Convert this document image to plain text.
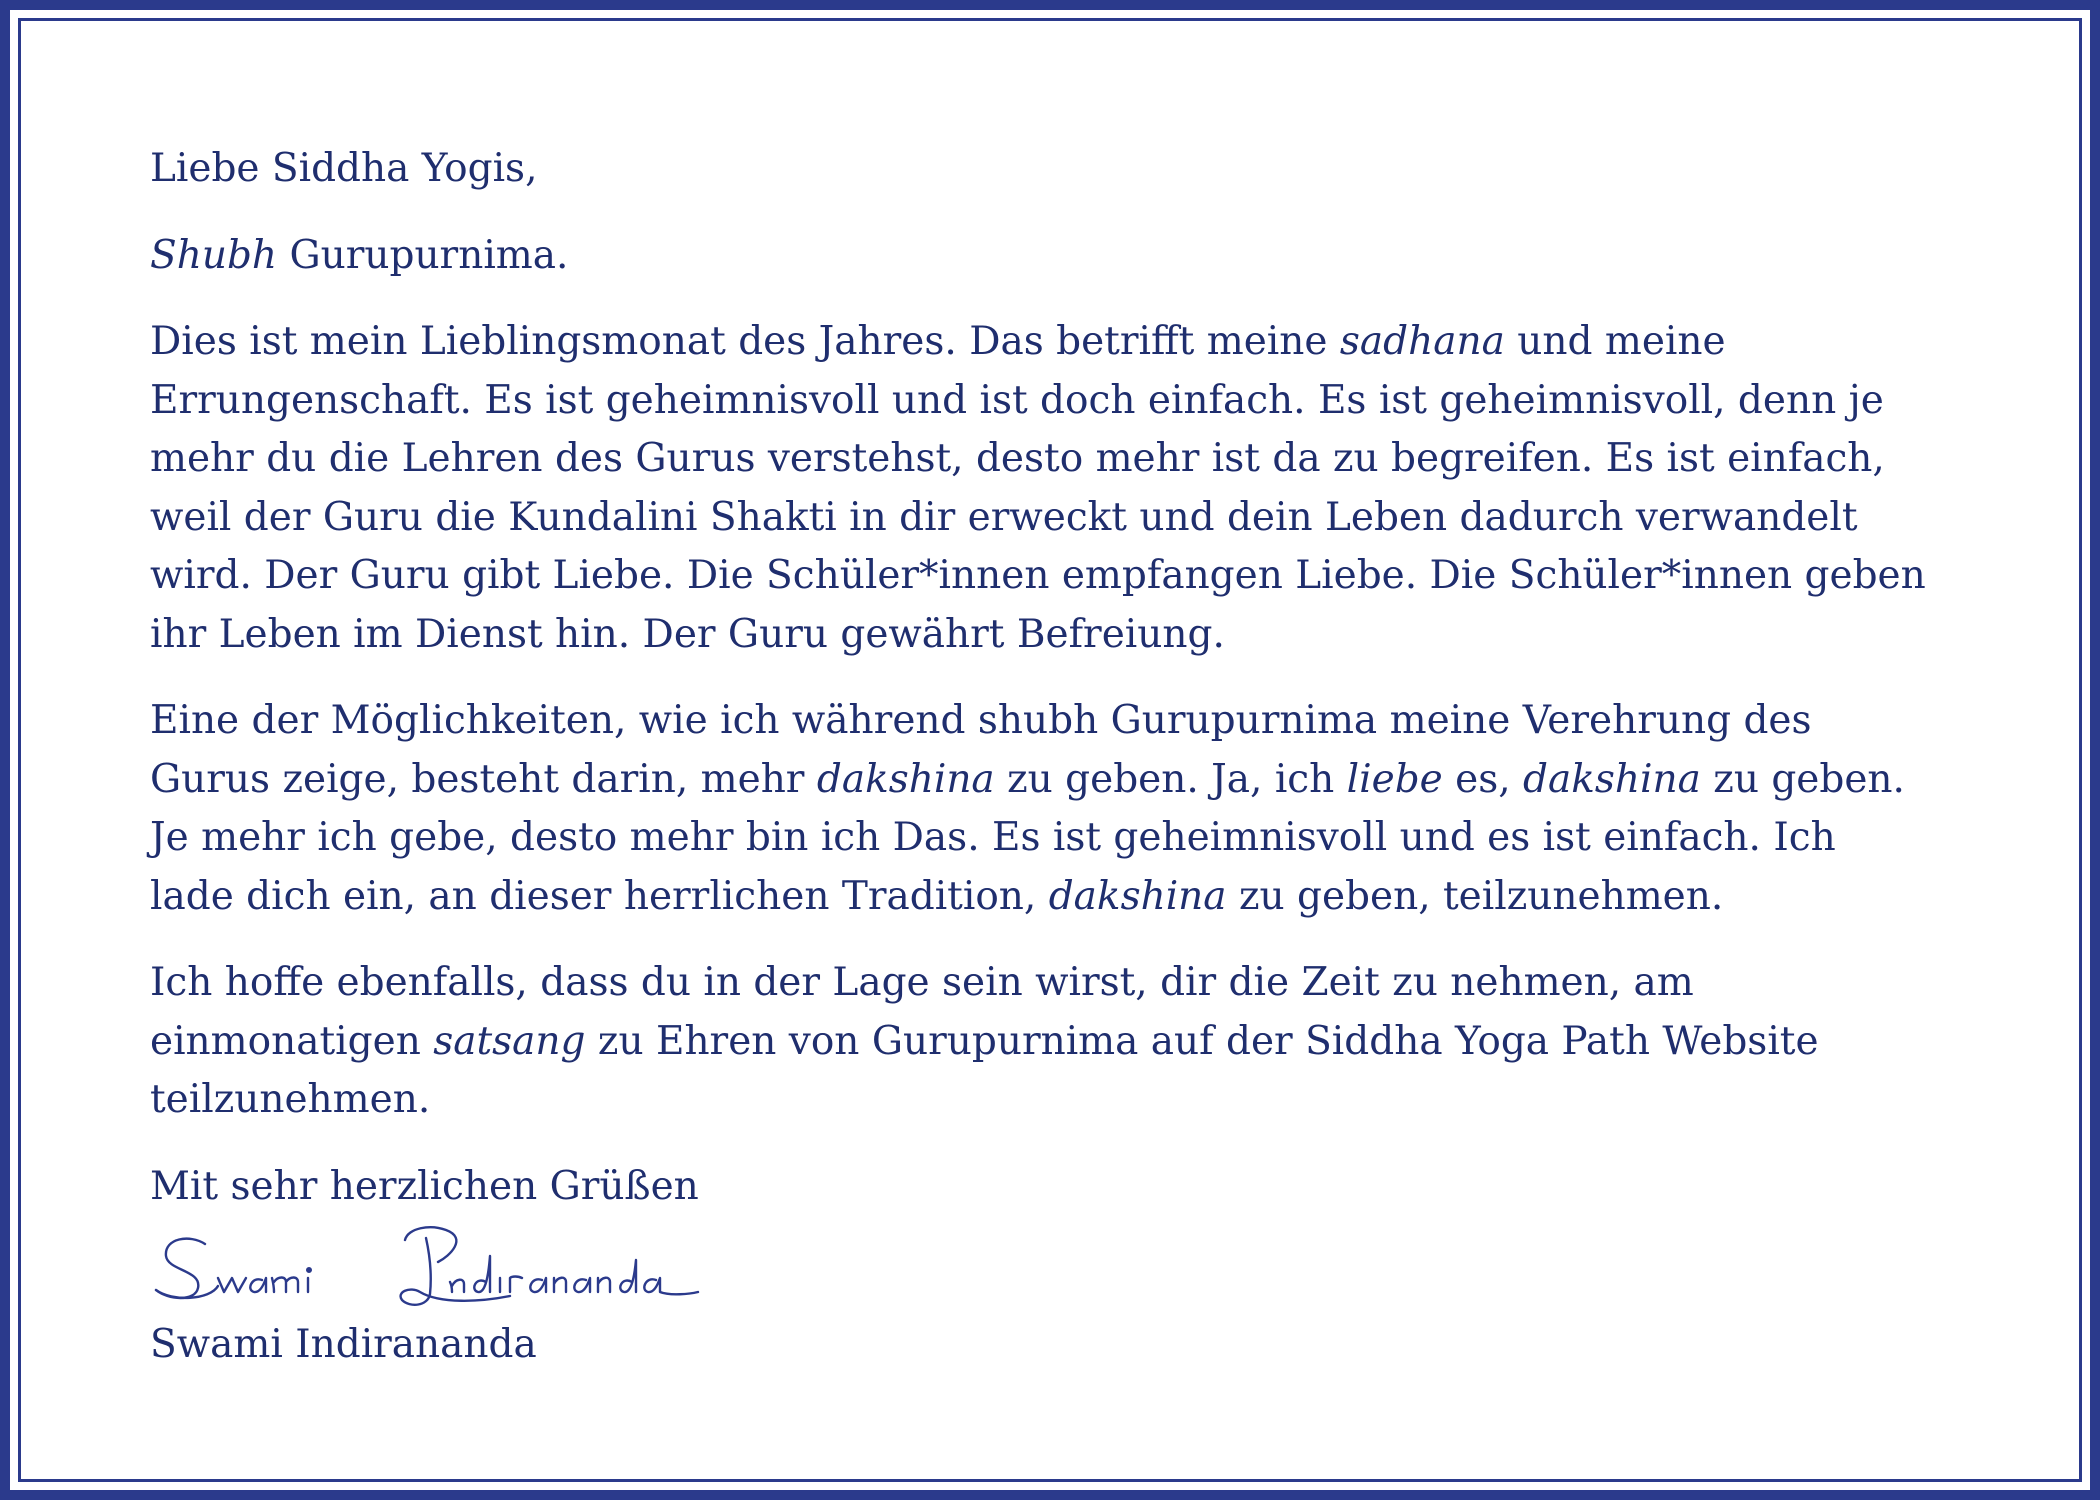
Liebe Siddha Yogis,

Shubh Gurupurnima.

Dies ist mein Lieblingsmonat des Jahres. Das betrifft meine sadhana und meine Errungenschaft. Es ist geheimnisvoll und ist doch einfach. Es ist geheimnisvoll, denn je mehr du die Lehren des Gurus verstehst, desto mehr ist da zu begreifen. Es ist einfach, weil der Guru die Kundalini Shakti in dir erweckt und dein Leben dadurch verwandelt wird. Der Guru gibt Liebe. Die Schüler*innen empfangen Liebe. Die Schüler*innen geben ihr Leben im Dienst hin. Der Guru gewährt Befreiung.

Eine der Möglichkeiten, wie ich während shubh Gurupurnima meine Verehrung des Gurus zeige, besteht darin, mehr dakshina zu geben. Ja, ich liebe es, dakshina zu geben. Je mehr ich gebe, desto mehr bin ich Das. Es ist geheimnisvoll und es ist einfach. Ich lade dich ein, an dieser herrlichen Tradition, dakshina zu geben, teilzunehmen.

Ich hoffe ebenfalls, dass du in der Lage sein wirst, dir die Zeit zu nehmen, am einmonatigen satsang zu Ehren von Gurupurnima auf der Siddha Yoga Path Website teilzunehmen.

Mit sehr herzlichen Grüßen

Swami Indirananda
